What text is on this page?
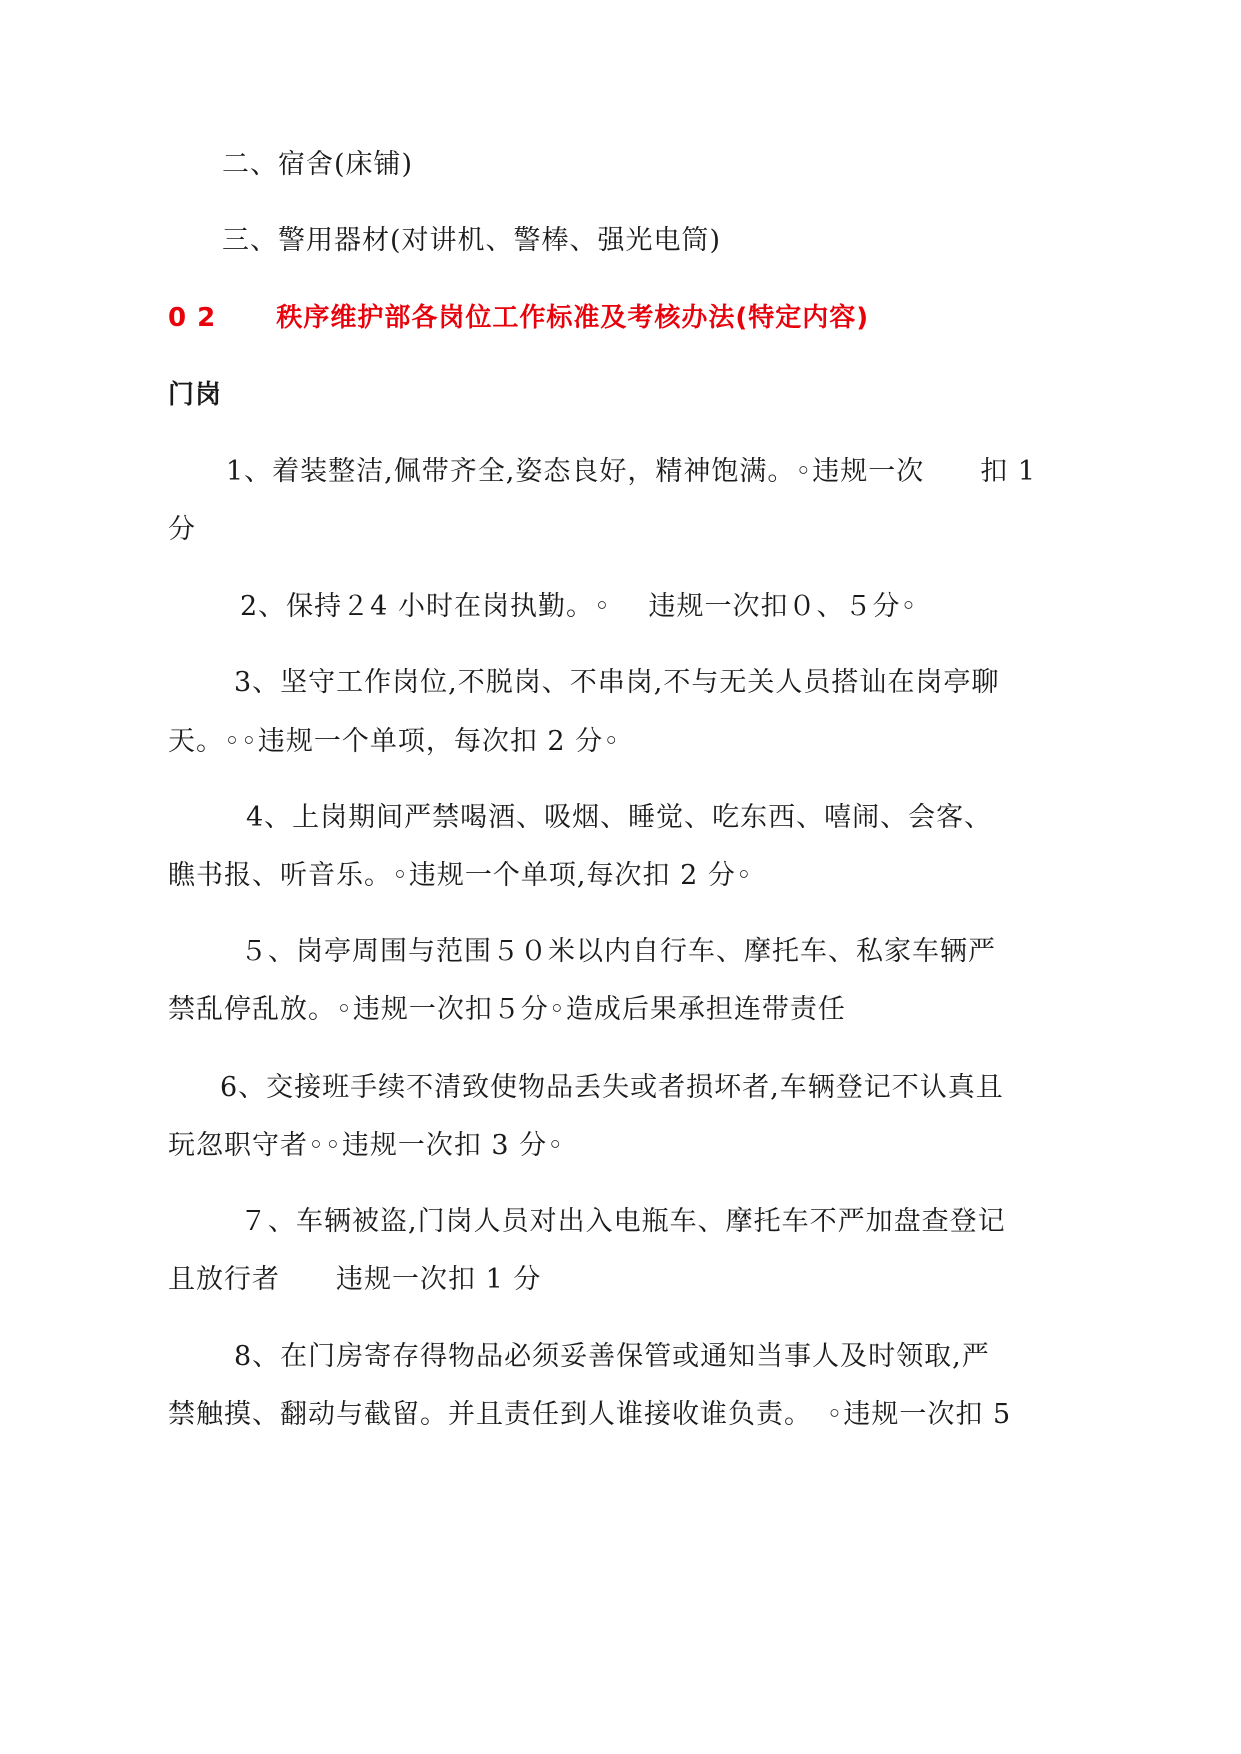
二、宿舍(床铺)
三、警用器材(对讲机、警棒、强光电筒)
0 2 秩序维护部各岗位工作标准及考核办法(特定内容)
门岗
1、着装整洁,佩带齐全,姿态良好，精神饱满。◦违规一次　　扣 1
分
2、保持２4 小时在岗执勤。◦　 违规一次扣０、５分◦
3、坚守工作岗位,不脱岗、不串岗,不与无关人员搭讪在岗亭聊
天。◦◦违规一个单项，每次扣 2 分◦
4、上岗期间严禁喝酒、吸烟、睡觉、吃东西、嘻闹、会客、
瞧书报、听音乐。◦违规一个单项,每次扣 2 分◦
５、岗亭周围与范围５０米以内自行车、摩托车、私家车辆严
禁乱停乱放。◦违规一次扣５分◦造成后果承担连带责任
6、交接班手续不清致使物品丢失或者损坏者,车辆登记不认真且
玩忽职守者◦◦违规一次扣 3 分◦
７、车辆被盗,门岗人员对出入电瓶车、摩托车不严加盘查登记
且放行者　　违规一次扣 1 分
8、在门房寄存得物品必须妥善保管或通知当事人及时领取,严
禁触摸、翻动与截留。并且责任到人谁接收谁负责。　◦违规一次扣 5
